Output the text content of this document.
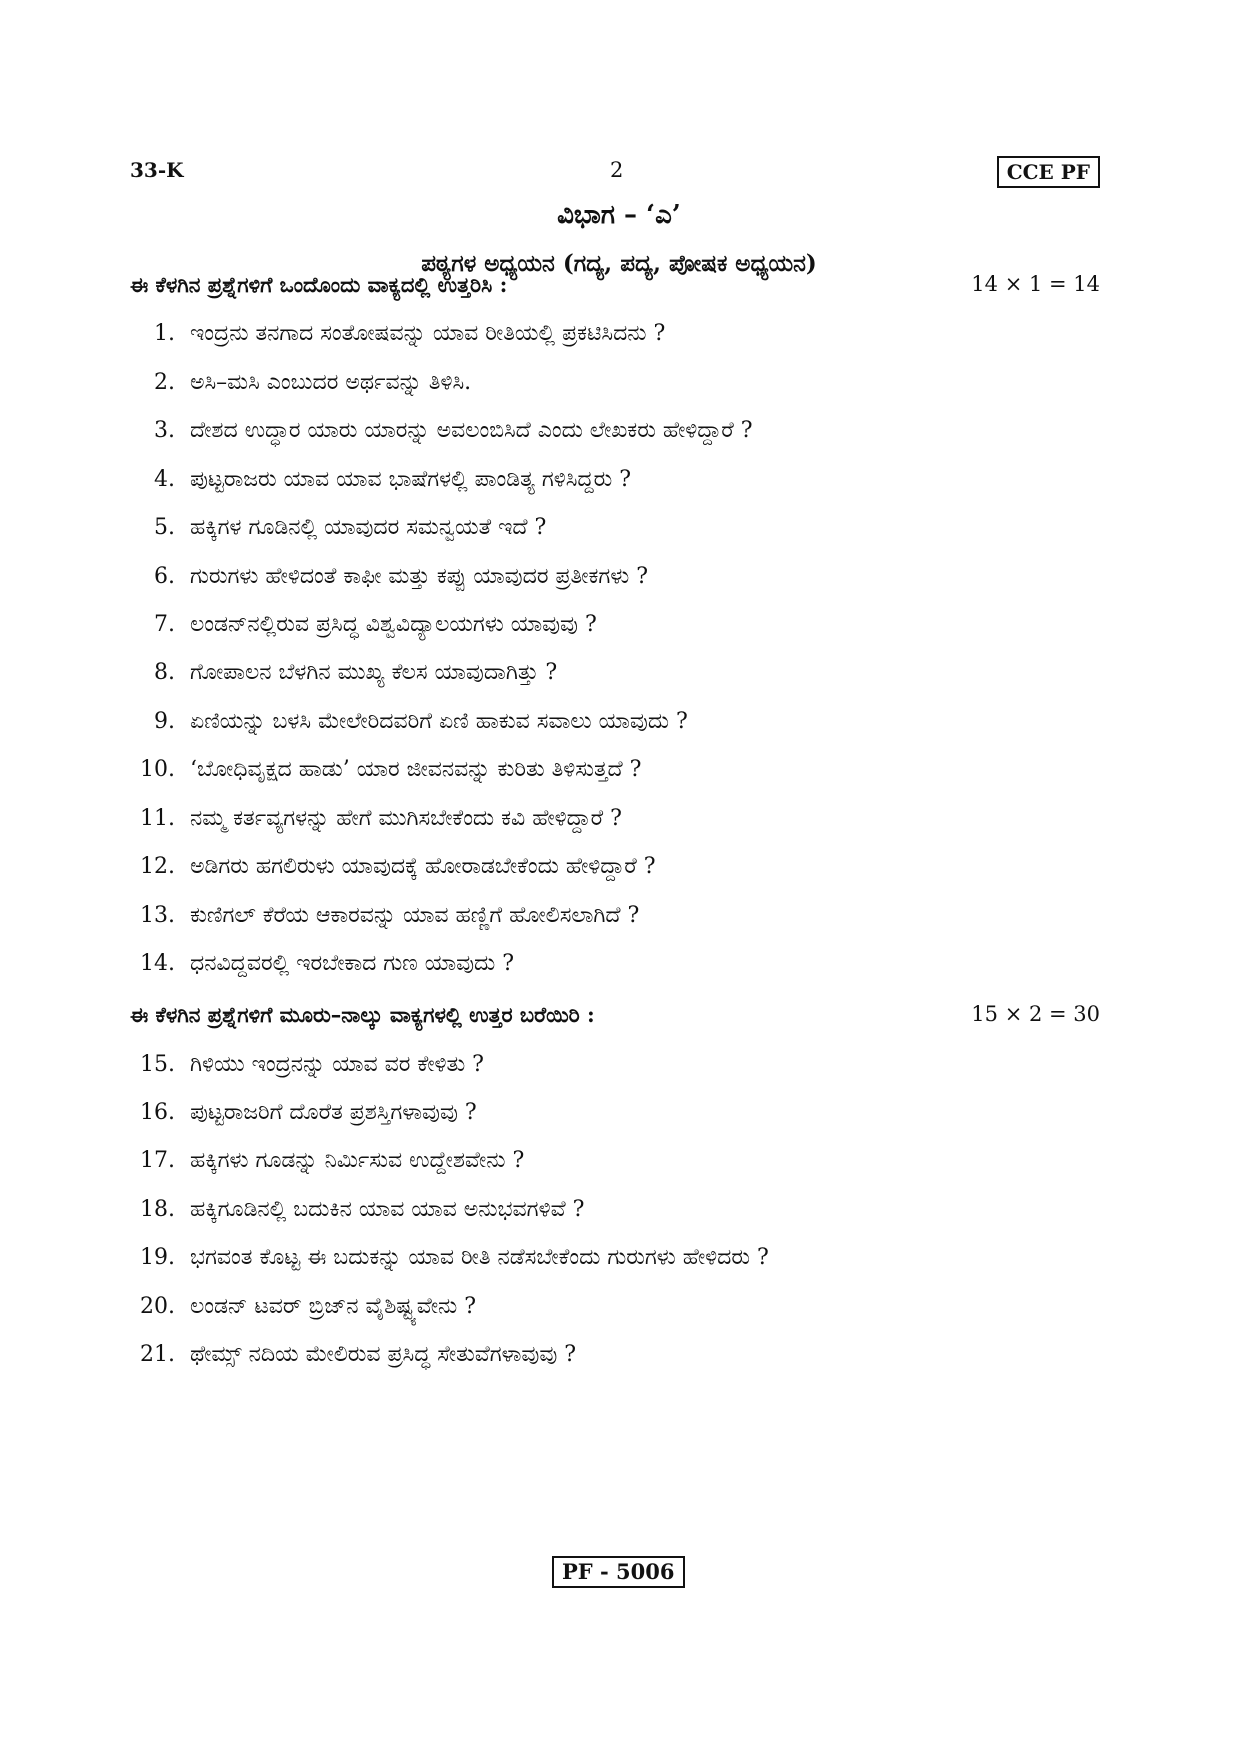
33-K	2	CCE PF
ವಿಭಾಗ – ‘ಎ’
ಪಠ್ಯಗಳ ಅಧ್ಯಯನ (ಗದ್ಯ, ಪದ್ಯ, ಪೋಷಕ ಅಧ್ಯಯನ)
ಈ ಕೆಳಗಿನ ಪ್ರಶ್ನೆಗಳಿಗೆ ಒಂದೊಂದು ವಾಕ್ಯದಲ್ಲಿ ಉತ್ತರಿಸಿ :	14 × 1 = 14
1. ಇಂದ್ರನು ತನಗಾದ ಸಂತೋಷವನ್ನು ಯಾವ ರೀತಿಯಲ್ಲಿ ಪ್ರಕಟಿಸಿದನು ?
2. ಅಸಿ–ಮಸಿ ಎಂಬುದರ ಅರ್ಥವನ್ನು ತಿಳಿಸಿ.
3. ದೇಶದ ಉದ್ಧಾರ ಯಾರು ಯಾರನ್ನು ಅವಲಂಬಿಸಿದೆ ಎಂದು ಲೇಖಕರು ಹೇಳಿದ್ದಾರೆ ?
4. ಪುಟ್ಟರಾಜರು ಯಾವ ಯಾವ ಭಾಷೆಗಳಲ್ಲಿ ಪಾಂಡಿತ್ಯ ಗಳಿಸಿದ್ದರು ?
5. ಹಕ್ಕಿಗಳ ಗೂಡಿನಲ್ಲಿ ಯಾವುದರ ಸಮನ್ವಯತೆ ಇದೆ ?
6. ಗುರುಗಳು ಹೇಳಿದಂತೆ ಕಾಫೀ ಮತ್ತು ಕಪ್ಪು ಯಾವುದರ ಪ್ರತೀಕಗಳು ?
7. ಲಂಡನ್‌ನಲ್ಲಿರುವ ಪ್ರಸಿದ್ಧ ವಿಶ್ವವಿದ್ಯಾಲಯಗಳು ಯಾವುವು ?
8. ಗೋಪಾಲನ ಬೆಳಗಿನ ಮುಖ್ಯ ಕೆಲಸ ಯಾವುದಾಗಿತ್ತು ?
9. ಏಣಿಯನ್ನು ಬಳಸಿ ಮೇಲೇರಿದವರಿಗೆ ಏಣಿ ಹಾಕುವ ಸವಾಲು ಯಾವುದು ?
10. ‘ಬೋಧಿವೃಕ್ಷದ ಹಾಡು’ ಯಾರ ಜೀವನವನ್ನು ಕುರಿತು ತಿಳಿಸುತ್ತದೆ ?
11. ನಮ್ಮ ಕರ್ತವ್ಯಗಳನ್ನು ಹೇಗೆ ಮುಗಿಸಬೇಕೆಂದು ಕವಿ ಹೇಳಿದ್ದಾರೆ ?
12. ಅಡಿಗರು ಹಗಲಿರುಳು ಯಾವುದಕ್ಕೆ ಹೋರಾಡಬೇಕೆಂದು ಹೇಳಿದ್ದಾರೆ ?
13. ಕುಣಿಗಲ್ ಕೆರೆಯ ಆಕಾರವನ್ನು ಯಾವ ಹಣ್ಣಿಗೆ ಹೋಲಿಸಲಾಗಿದೆ ?
14. ಧನವಿದ್ದವರಲ್ಲಿ ಇರಬೇಕಾದ ಗುಣ ಯಾವುದು ?
ಈ ಕೆಳಗಿನ ಪ್ರಶ್ನೆಗಳಿಗೆ ಮೂರು–ನಾಲ್ಕು ವಾಕ್ಯಗಳಲ್ಲಿ ಉತ್ತರ ಬರೆಯಿರಿ :	15 × 2 = 30
15. ಗಿಳಿಯು ಇಂದ್ರನನ್ನು ಯಾವ ವರ ಕೇಳಿತು ?
16. ಪುಟ್ಟರಾಜರಿಗೆ ದೊರೆತ ಪ್ರಶಸ್ತಿಗಳಾವುವು ?
17. ಹಕ್ಕಿಗಳು ಗೂಡನ್ನು ನಿರ್ಮಿಸುವ ಉದ್ದೇಶವೇನು ?
18. ಹಕ್ಕಿಗೂಡಿನಲ್ಲಿ ಬದುಕಿನ ಯಾವ ಯಾವ ಅನುಭವಗಳಿವೆ ?
19. ಭಗವಂತ ಕೊಟ್ಟ ಈ ಬದುಕನ್ನು ಯಾವ ರೀತಿ ನಡೆಸಬೇಕೆಂದು ಗುರುಗಳು ಹೇಳಿದರು ?
20. ಲಂಡನ್ ಟವರ್ ಬ್ರಿಜ್‌ನ ವೈಶಿಷ್ಟ್ಯವೇನು ?
21. ಥೇಮ್ಸ್ ನದಿಯ ಮೇಲಿರುವ ಪ್ರಸಿದ್ಧ ಸೇತುವೆಗಳಾವುವು ?
PF - 5006
